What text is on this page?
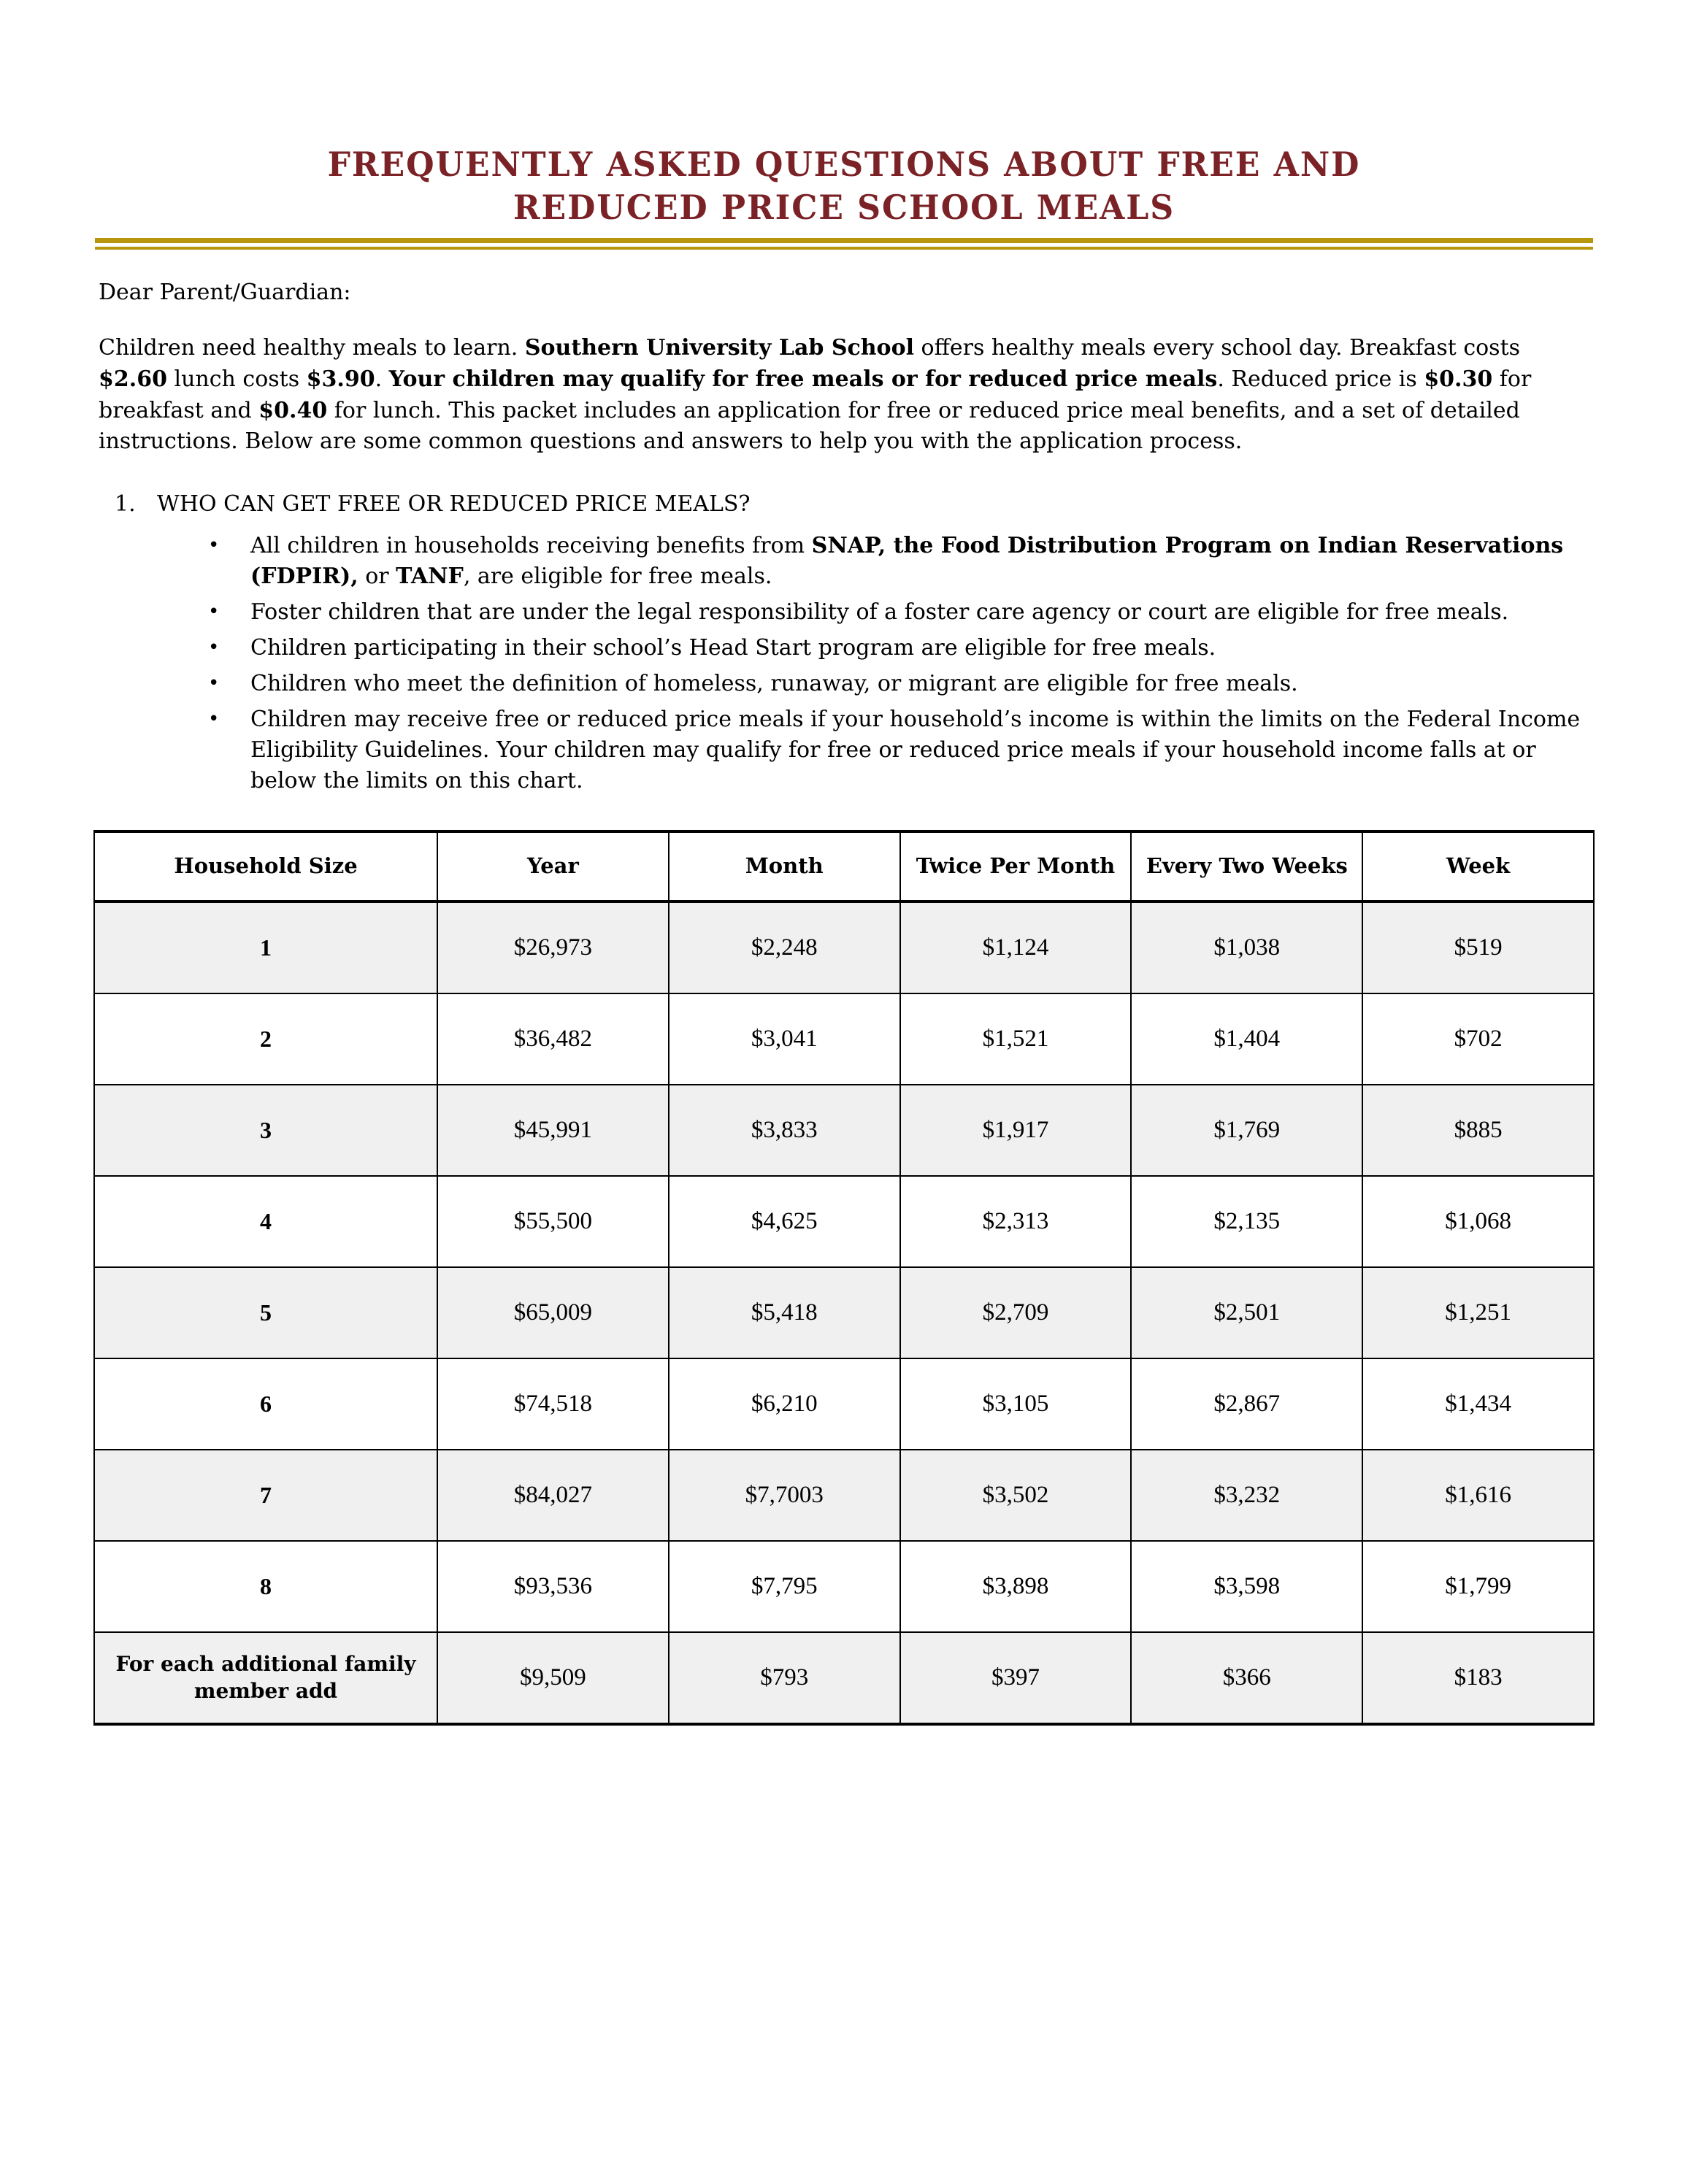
FREQUENTLY ASKED QUESTIONS ABOUT FREE AND
REDUCED PRICE SCHOOL MEALS
Dear Parent/Guardian:

Children need healthy meals to learn. Southern University Lab School offers healthy meals every school day. Breakfast costs $2.60 lunch costs $3.90. Your children may qualify for free meals or for reduced price meals. Reduced price is $0.30 for breakfast and $0.40 for lunch. This packet includes an application for free or reduced price meal benefits, and a set of detailed instructions. Below are some common questions and answers to help you with the application process.

1. WHO CAN GET FREE OR REDUCED PRICE MEALS?
•	All children in households receiving benefits from SNAP, the Food Distribution Program on Indian Reservations (FDPIR), or TANF, are eligible for free meals.
•	Foster children that are under the legal responsibility of a foster care agency or court are eligible for free meals.
•	Children participating in their school’s Head Start program are eligible for free meals.
•	Children who meet the definition of homeless, runaway, or migrant are eligible for free meals.
•	Children may receive free or reduced price meals if your household’s income is within the limits on the Federal Income Eligibility Guidelines. Your children may qualify for free or reduced price meals if your household income falls at or below the limits on this chart.
Household Size	Year	Month	Twice Per Month	Every Two Weeks	Week
1	$26,973	$2,248	$1,124	$1,038	$519
2	$36,482	$3,041	$1,521	$1,404	$702
3	$45,991	$3,833	$1,917	$1,769	$885
4	$55,500	$4,625	$2,313	$2,135	$1,068
5	$65,009	$5,418	$2,709	$2,501	$1,251
6	$74,518	$6,210	$3,105	$2,867	$1,434
7	$84,027	$7,7003	$3,502	$3,232	$1,616
8	$93,536	$7,795	$3,898	$3,598	$1,799
For each additional family member add	$9,509	$793	$397	$366	$183
